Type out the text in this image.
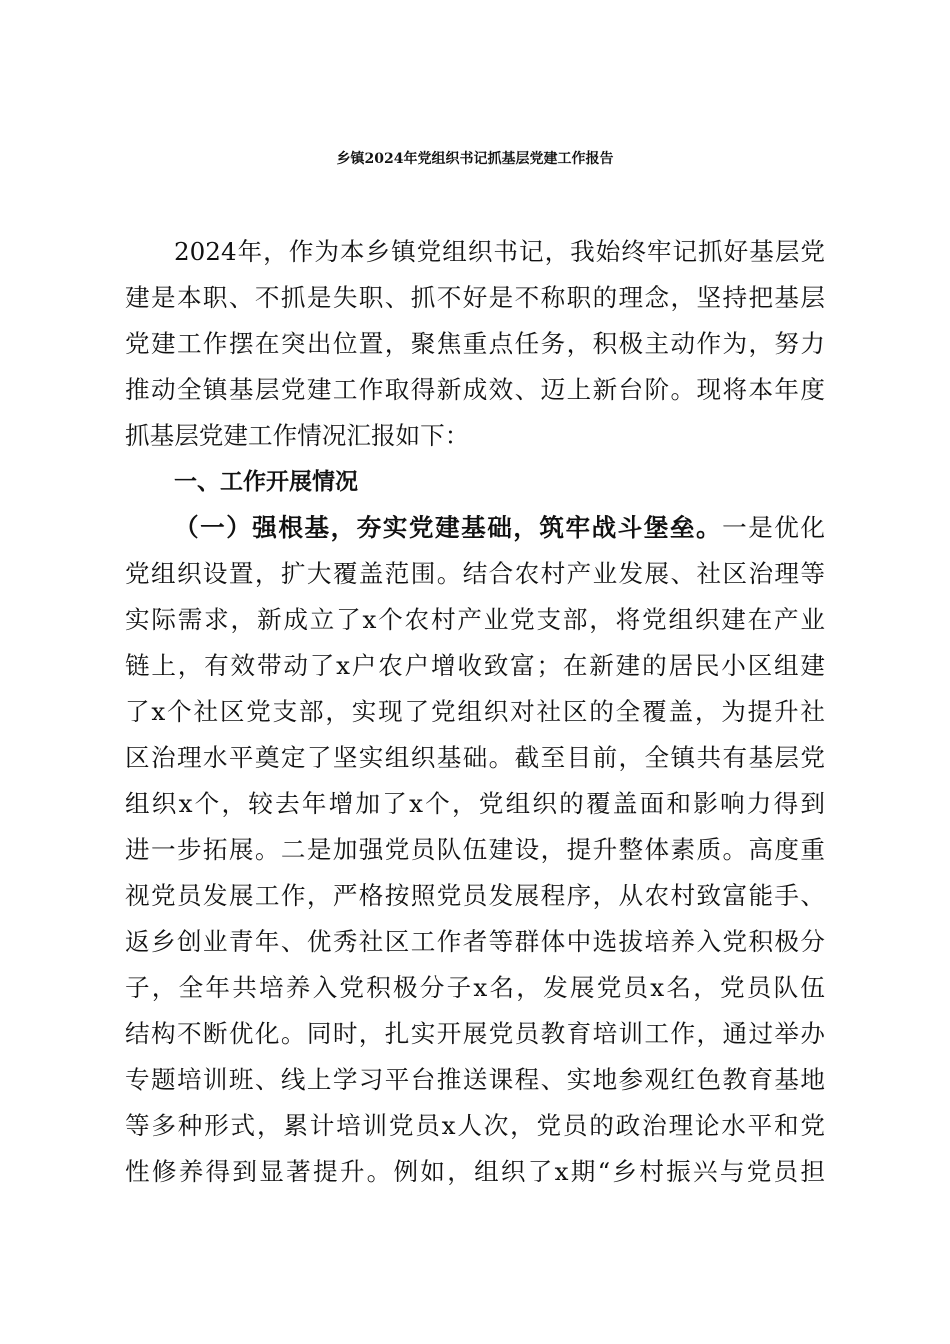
乡镇2024年党组织书记抓基层党建工作报告
2024年，作为本乡镇党组织书记，我始终牢记抓好基层党
建是本职、不抓是失职、抓不好是不称职的理念，坚持把基层
党建工作摆在突出位置，聚焦重点任务，积极主动作为，努力
推动全镇基层党建工作取得新成效、迈上新台阶。现将本年度
抓基层党建工作情况汇报如下：
一、工作开展情况
（一）强根基，夯实党建基础，筑牢战斗堡垒。一是优化
党组织设置，扩大覆盖范围。结合农村产业发展、社区治理等
实际需求，新成立了x个农村产业党支部，将党组织建在产业
链上，有效带动了x户农户增收致富；在新建的居民小区组建
了x个社区党支部，实现了党组织对社区的全覆盖，为提升社
区治理水平奠定了坚实组织基础。截至目前，全镇共有基层党
组织x个，较去年增加了x个，党组织的覆盖面和影响力得到
进一步拓展。二是加强党员队伍建设，提升整体素质。高度重
视党员发展工作，严格按照党员发展程序，从农村致富能手、
返乡创业青年、优秀社区工作者等群体中选拔培养入党积极分
子，全年共培养入党积极分子x名，发展党员x名，党员队伍
结构不断优化。同时，扎实开展党员教育培训工作，通过举办
专题培训班、线上学习平台推送课程、实地参观红色教育基地
等多种形式，累计培训党员x人次，党员的政治理论水平和党
性修养得到显著提升。例如，组织了x期“乡村振兴与党员担
